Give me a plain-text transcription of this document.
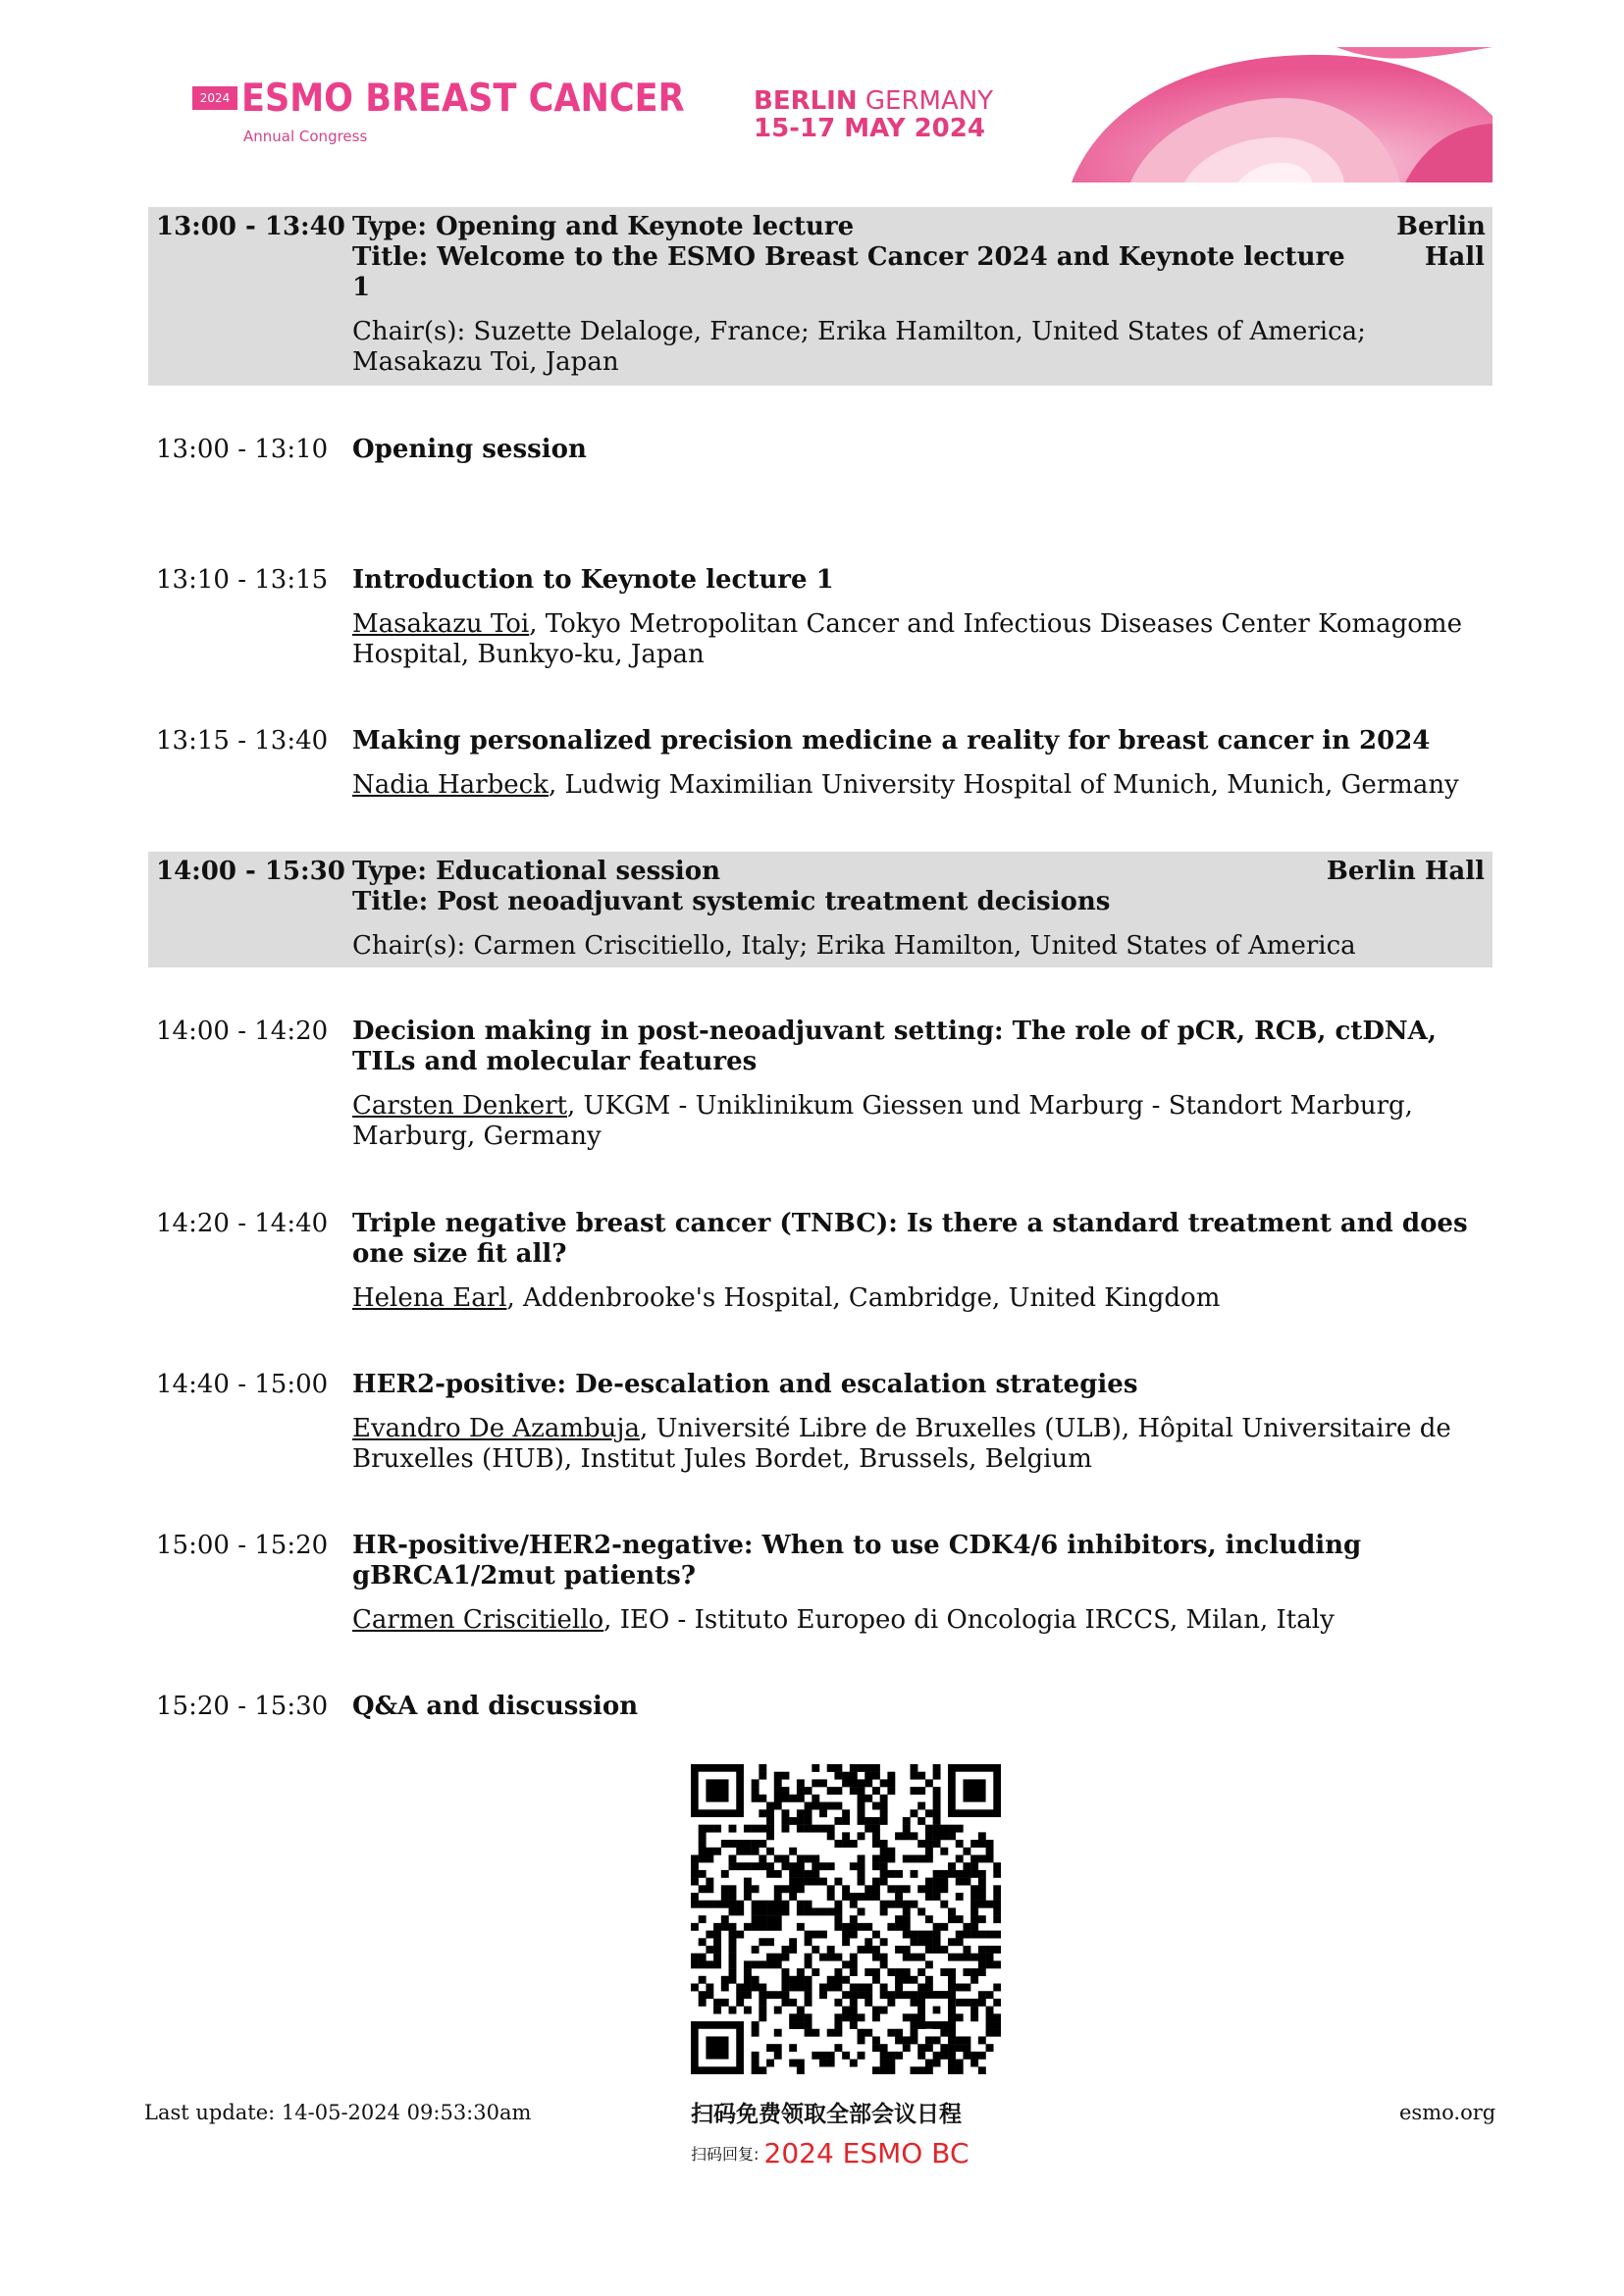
2024 ESMO BREAST CANCER
Annual Congress
BERLIN GERMANY
15-17 MAY 2024
13:00 - 13:40 Type: Opening and Keynote lecture
Title: Welcome to the ESMO Breast Cancer 2024 and Keynote lecture 1
Chair(s): Suzette Delaloge, France; Erika Hamilton, United States of America; Masakazu Toi, Japan
Berlin Hall
13:00 - 13:10 Opening session
13:10 - 13:15 Introduction to Keynote lecture 1
Masakazu Toi, Tokyo Metropolitan Cancer and Infectious Diseases Center Komagome Hospital, Bunkyo-ku, Japan
13:15 - 13:40 Making personalized precision medicine a reality for breast cancer in 2024
Nadia Harbeck, Ludwig Maximilian University Hospital of Munich, Munich, Germany
14:00 - 15:30 Type: Educational session
Title: Post neoadjuvant systemic treatment decisions
Chair(s): Carmen Criscitiello, Italy; Erika Hamilton, United States of America
Berlin Hall
14:00 - 14:20 Decision making in post-neoadjuvant setting: The role of pCR, RCB, ctDNA, TILs and molecular features
Carsten Denkert, UKGM - Uniklinikum Giessen und Marburg - Standort Marburg, Marburg, Germany
14:20 - 14:40 Triple negative breast cancer (TNBC): Is there a standard treatment and does one size fit all?
Helena Earl, Addenbrooke's Hospital, Cambridge, United Kingdom
14:40 - 15:00 HER2-positive: De-escalation and escalation strategies
Evandro De Azambuja, Université Libre de Bruxelles (ULB), Hôpital Universitaire de Bruxelles (HUB), Institut Jules Bordet, Brussels, Belgium
15:00 - 15:20 HR-positive/HER2-negative: When to use CDK4/6 inhibitors, including gBRCA1/2mut patients?
Carmen Criscitiello, IEO - Istituto Europeo di Oncologia IRCCS, Milan, Italy
15:20 - 15:30 Q&A and discussion
Last update: 14-05-2024 09:53:30am	扫码免费领取全部会议日程
扫码回复: 2024 ESMO BC
esmo.org
